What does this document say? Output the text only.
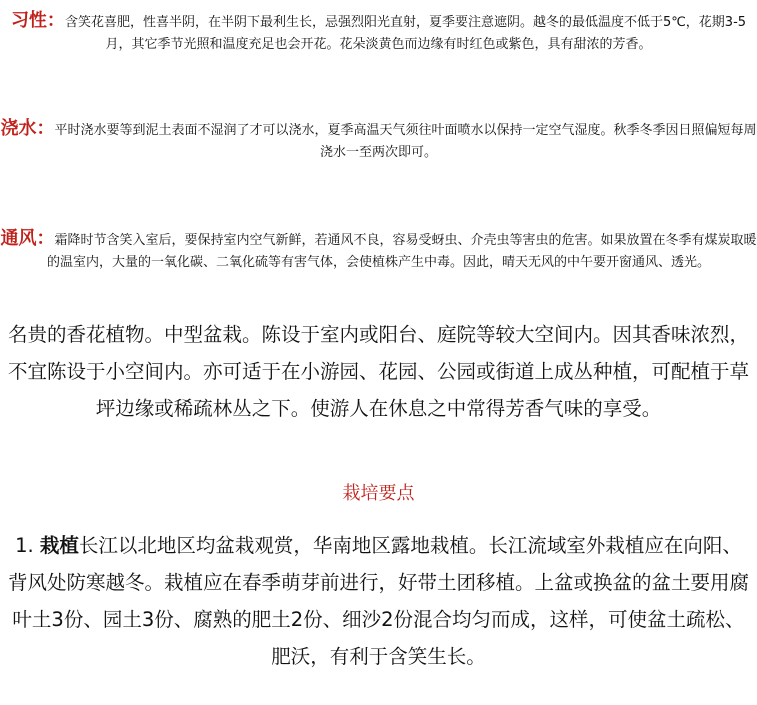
习性：含笑花喜肥，性喜半阴，在半阴下最利生长，忌强烈阳光直射，夏季要注意遮阴。越冬的最低温度不低于5℃，花期3-5月，其它季节光照和温度充足也会开花。花朵淡黄色而边缘有时红色或紫色，具有甜浓的芳香。

浇水：平时浇水要等到泥土表面不湿润了才可以浇水，夏季高温天气须往叶面喷水以保持一定空气湿度。秋季冬季因日照偏短每周浇水一至两次即可。

通风：霜降时节含笑入室后，要保持室内空气新鲜，若通风不良，容易受蚜虫、介壳虫等害虫的危害。如果放置在冬季有煤炭取暖的温室内，大量的一氧化碳、二氧化硫等有害气体，会使植株产生中毒。因此，晴天无风的中午要开窗通风、透光。

名贵的香花植物。中型盆栽。陈设于室内或阳台、庭院等较大空间内。因其香味浓烈，不宜陈设于小空间内。亦可适于在小游园、花园、公园或街道上成丛种植，可配植于草坪边缘或稀疏林丛之下。使游人在休息之中常得芳香气味的享受。

栽培要点

1. 栽植长江以北地区均盆栽观赏，华南地区露地栽植。长江流域室外栽植应在向阳、背风处防寒越冬。栽植应在春季萌芽前进行，好带土团移植。上盆或换盆的盆土要用腐叶土3份、园土3份、腐熟的肥土2份、细沙2份混合均匀而成，这样，可使盆土疏松、肥沃，有利于含笑生长。
